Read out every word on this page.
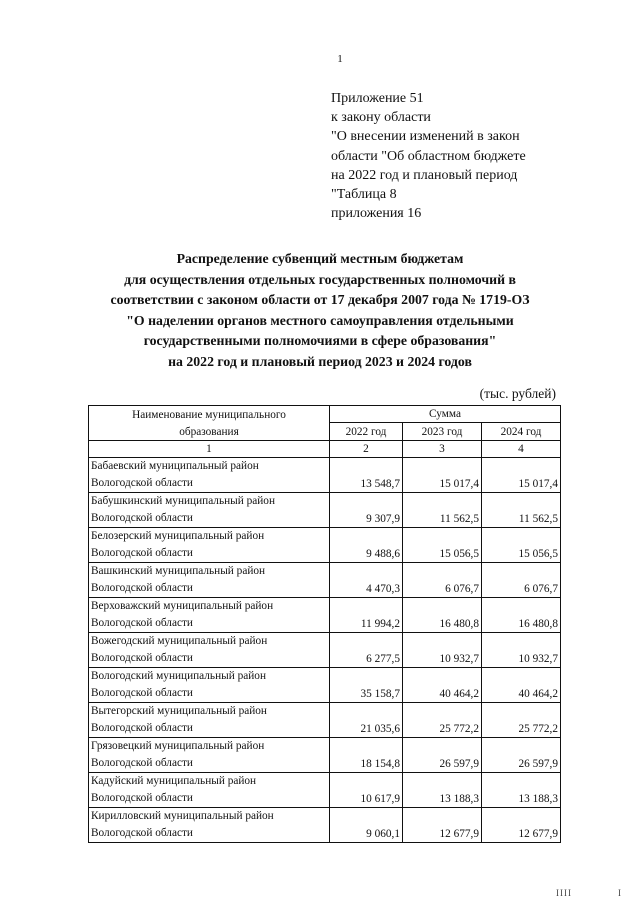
1
Приложение 51
к закону области
"О внесении изменений в закон
области "Об областном бюджете
на 2022 год и плановый период
"Таблица 8
приложения 16
Распределение субвенций местным бюджетам
для осуществления отдельных государственных полномочий в
соответствии с законом области от 17 декабря 2007 года № 1719-ОЗ
"О наделении органов местного самоуправления отдельными
государственными полномочиями в сфере образования"
на 2022 год и плановый период 2023 и 2024 годов
(тыс. рублей)
Наименование муниципального
образования	Сумма		
	2022 год	2023 год	2024 год
1	2	3	4

Бабаевский муниципальный район
Вологодской области	13 548,7	15 017,4	15 017,4

Бабушкинский муниципальный район
Вологодской области	9 307,9	11 562,5	11 562,5

Белозерский муниципальный район
Вологодской области	9 488,6	15 056,5	15 056,5

Вашкинский муниципальный район
Вологодской области	4 470,3	6 076,7	6 076,7

Верховажский муниципальный район
Вологодской области	11 994,2	16 480,8	16 480,8

Вожегодский муниципальный район
Вологодской области	6 277,5	10 932,7	10 932,7

Вологодский муниципальный район
Вологодской области	35 158,7	40 464,2	40 464,2

Вытегорский муниципальный район
Вологодской области	21 035,6	25 772,2	25 772,2

Грязовецкий муниципальный район
Вологодской области	18 154,8	26 597,9	26 597,9

Кадуйский муниципальный район
Вологодской области	10 617,9	13 188,3	13 188,3

Кирилловский муниципальный район
Вологодской области	9 060,1	12 677,9	12 677,9
IIII	I
